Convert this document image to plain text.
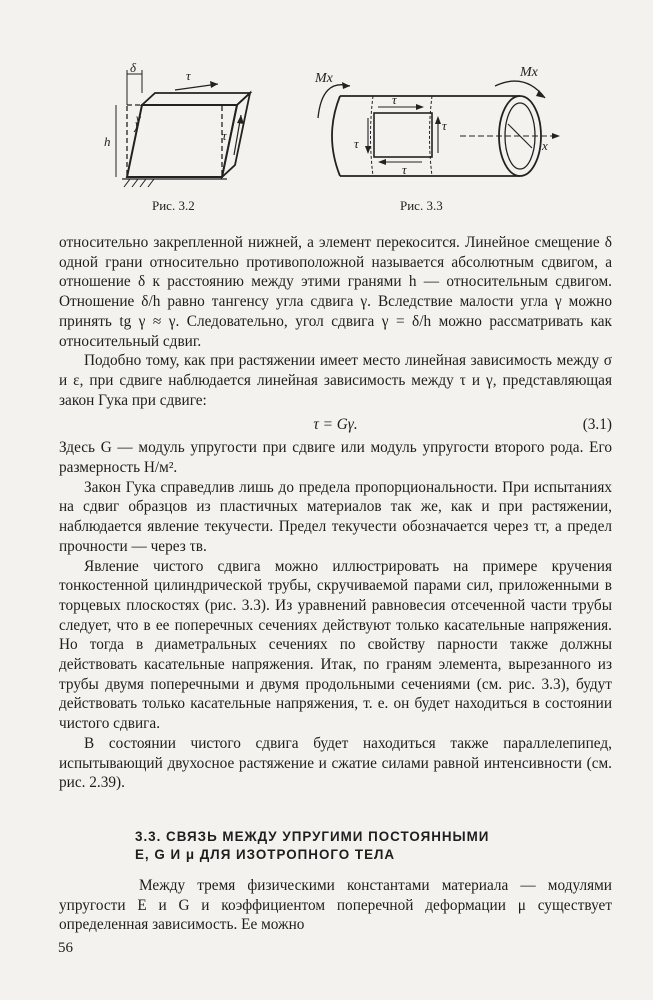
δ
τ
τ
γ
h
Рис. 3.2
Mx	Mx
τ
τ
τ
τ
x
Рис. 3.3

относительно закрепленной нижней, а элемент перекосится. Линейное смещение δ одной грани относительно противоположной называется абсолютным сдвигом, а отношение δ к расстоянию между этими гранями h — относительным сдвигом. Отношение δ/h равно тангенсу угла сдвига γ. Вследствие малости угла γ можно принять tg γ ≈ γ. Следовательно, угол сдвига γ = δ/h можно рассматривать как относительный сдвиг.

Подобно тому, как при растяжении имеет место линейная зависимость между σ и ε, при сдвиге наблюдается линейная зависимость между τ и γ, представляющая закон Гука при сдвиге:

τ = Gγ.	(3.1)

Здесь G — модуль упругости при сдвиге или модуль упругости второго рода. Его размерность Н/м².

Закон Гука справедлив лишь до предела пропорциональности. При испытаниях на сдвиг образцов из пластичных материалов так же, как и при растяжении, наблюдается явление текучести. Предел текучести обозначается через τт, а предел прочности — через τв.

Явление чистого сдвига можно иллюстрировать на примере кручения тонкостенной цилиндрической трубы, скручиваемой парами сил, приложенными в торцевых плоскостях (рис. 3.3). Из уравнений равновесия отсеченной части трубы следует, что в ее поперечных сечениях действуют только касательные напряжения. Но тогда в диаметральных сечениях по свойству парности также должны действовать касательные напряжения. Итак, по граням элемента, вырезанного из трубы двумя поперечными и двумя продольными сечениями (см. рис. 3.3), будут действовать только касательные напряжения, т. е. он будет находиться в состоянии чистого сдвига.

В состоянии чистого сдвига будет находиться также параллелепипед, испытывающий двухосное растяжение и сжатие силами равной интенсивности (см. рис. 2.39).

3.3. СВЯЗЬ МЕЖДУ УПРУГИМИ ПОСТОЯННЫМИ
E, G И μ ДЛЯ ИЗОТРОПНОГО ТЕЛА

Между тремя физическими константами материала — модулями упругости E и G и коэффициентом поперечной деформации μ существует определенная зависимость. Ее можно

56
